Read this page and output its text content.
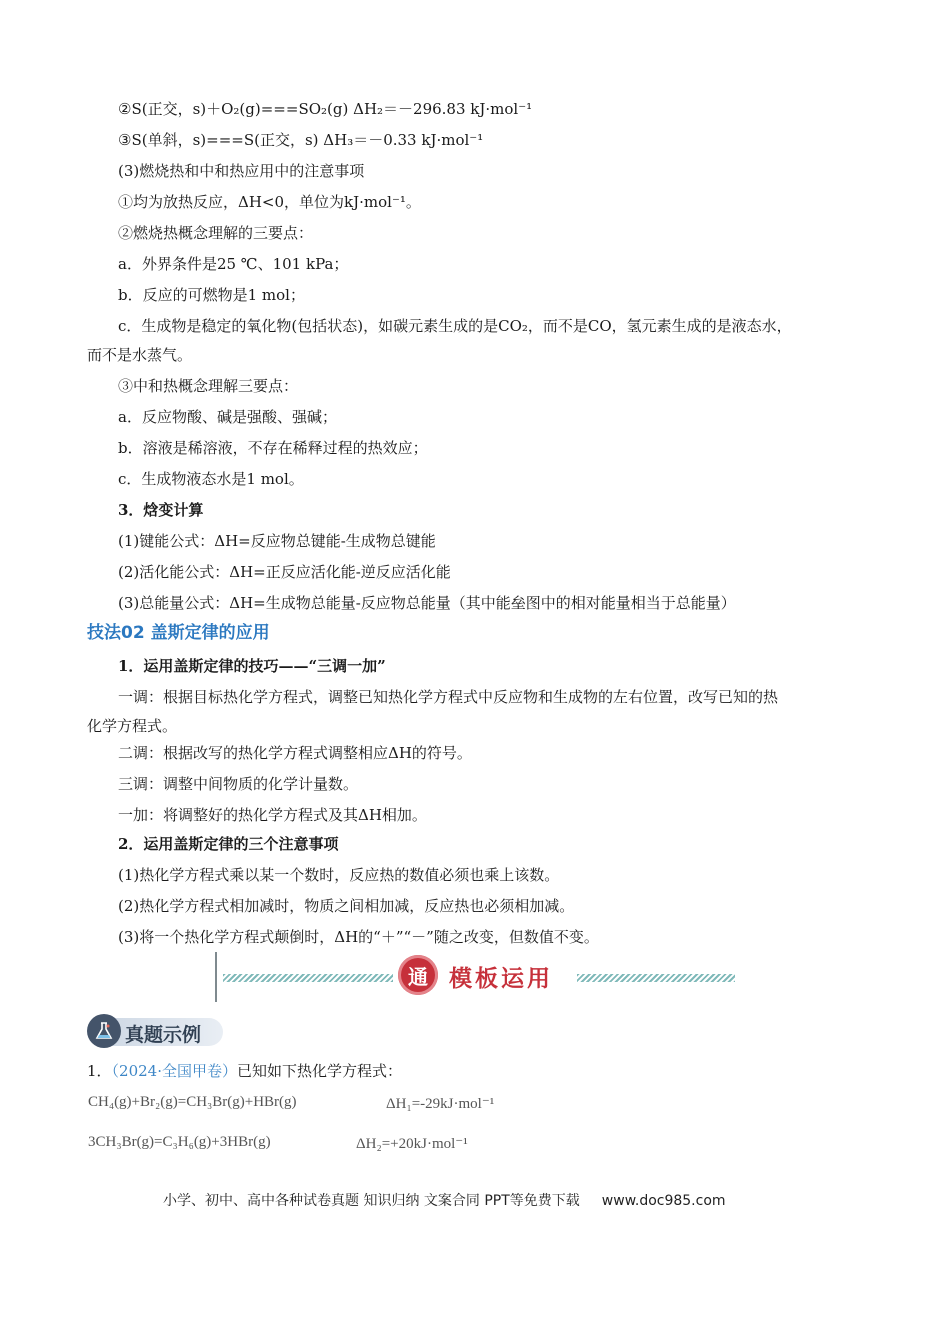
②S(正交，s)＋O₂(g)===SO₂(g) ΔH₂＝－296.83 kJ·mol⁻¹
③S(单斜，s)===S(正交，s) ΔH₃＝－0.33 kJ·mol⁻¹
(3)燃烧热和中和热应用中的注意事项
①均为放热反应，ΔH<0，单位为kJ·mol⁻¹。
②燃烧热概念理解的三要点：
a．外界条件是25 ℃、101 kPa；
b．反应的可燃物是1 mol；
c．生成物是稳定的氧化物(包括状态)，如碳元素生成的是CO₂，而不是CO，氢元素生成的是液态水，
而不是水蒸气。
③中和热概念理解三要点：
a．反应物酸、碱是强酸、强碱；
b．溶液是稀溶液，不存在稀释过程的热效应；
c．生成物液态水是1 mol。
3．焓变计算
(1)键能公式：ΔH=反应物总键能-生成物总键能
(2)活化能公式：ΔH=正反应活化能-逆反应活化能
(3)总能量公式：ΔH=生成物总能量-反应物总能量（其中能垒图中的相对能量相当于总能量）
技法02 盖斯定律的应用
1．运用盖斯定律的技巧——“三调一加”
一调：根据目标热化学方程式，调整已知热化学方程式中反应物和生成物的左右位置，改写已知的热
化学方程式。
二调：根据改写的热化学方程式调整相应ΔH的符号。
三调：调整中间物质的化学计量数。
一加：将调整好的热化学方程式及其ΔH相加。
2．运用盖斯定律的三个注意事项
(1)热化学方程式乘以某一个数时，反应热的数值必须也乘上该数。
(2)热化学方程式相加减时，物质之间相加减，反应热也必须相加减。
(3)将一个热化学方程式颠倒时，ΔH的“＋”“－”随之改变，但数值不变。
通 模板运用
真题示例
1．（2024·全国甲卷）已知如下热化学方程式：
CH₄(g)+Br₂(g)=CH₃Br(g)+HBr(g)	ΔH₁=-29kJ·mol⁻¹
3CH₃Br(g)=C₃H₆(g)+3HBr(g)	ΔH₂=+20kJ·mol⁻¹
小学、初中、高中各种试卷真题 知识归纳 文案合同 PPT等免费下载 www.doc985.com
